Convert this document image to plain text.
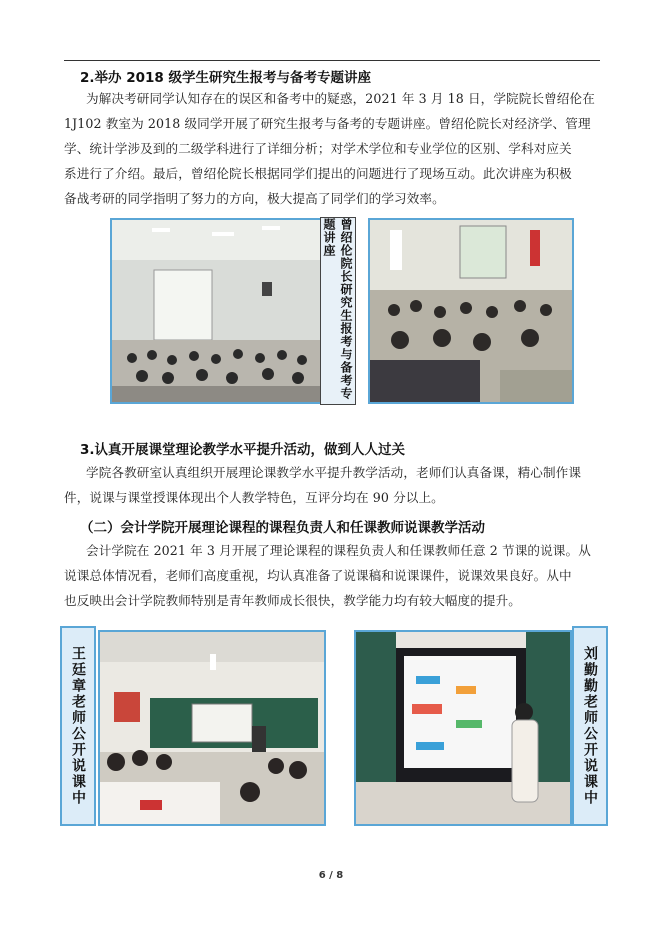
2.举办 2018 级学生研究生报考与备考专题讲座
为解决考研同学认知存在的误区和备考中的疑惑，2021 年 3 月 18 日，学院院长曾绍伦在
1J102 教室为 2018 级同学开展了研究生报考与备考的专题讲座。曾绍伦院长对经济学、管理
学、统计学涉及到的二级学科进行了详细分析；对学术学位和专业学位的区别、学科对应关
系进行了介绍。最后，曾绍伦院长根据同学们提出的问题进行了现场互动。此次讲座为积极
备战考研的同学指明了努力的方向，极大提高了同学们的学习效率。
曾绍伦院长研究生报考与备考专题讲座
3.认真开展课堂理论教学水平提升活动，做到人人过关
学院各教研室认真组织开展理论课教学水平提升教学活动，老师们认真备课，精心制作课
件，说课与课堂授课体现出个人教学特色，互评分均在 90 分以上。
（二）会计学院开展理论课程的课程负责人和任课教师说课教学活动
会计学院在 2021 年 3 月开展了理论课程的课程负责人和任课教师任意 2 节课的说课。从
说课总体情况看，老师们高度重视，均认真准备了说课稿和说课课件，说课效果良好。从中
也反映出会计学院教师特别是青年教师成长很快，教学能力均有较大幅度的提升。
王廷章老师公开说课中	刘勤勤老师公开说课中
6 / 8
